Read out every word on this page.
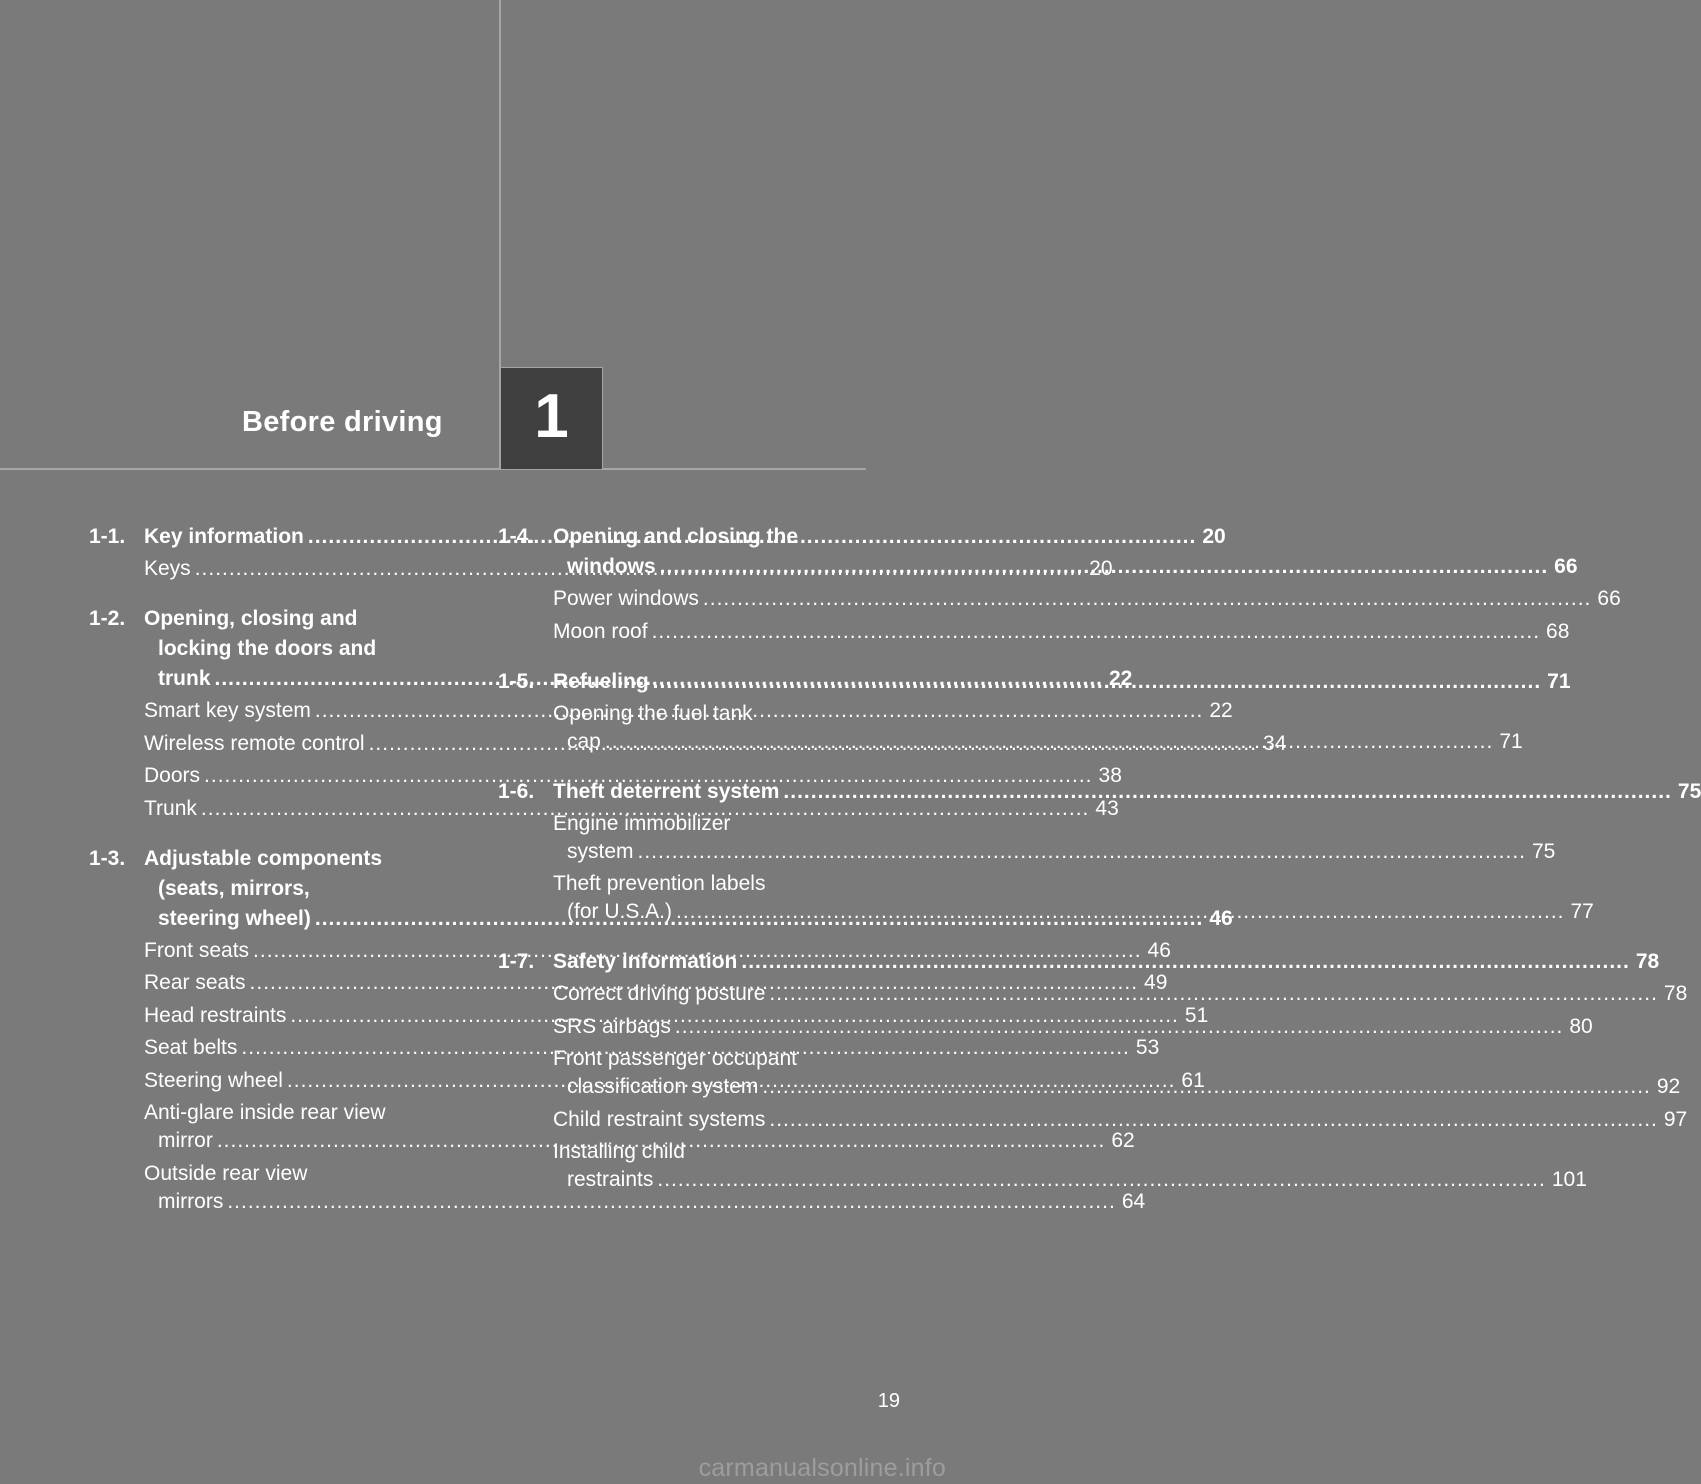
Before driving	1
1-1. Key information .....	20
Keys .....	20
1-2. Opening, closing and
locking the doors and
trunk .....	22
Smart key system .....	22
Wireless remote control .....	34
Doors .....	38
Trunk .....	43
1-3. Adjustable components
(seats, mirrors,
steering wheel) .....	46
Front seats .....	46
Rear seats .....	49
Head restraints .....	51
Seat belts .....	53
Steering wheel .....	61
Anti-glare inside rear view
mirror .....	62
Outside rear view
mirrors .....	64
1-4. Opening and closing the
windows .....	66
Power windows .....	66
Moon roof .....	68
1-5. Refueling .....	71
Opening the fuel tank
cap .....	71
1-6. Theft deterrent system .....	75
Engine immobilizer
system .....	75
Theft prevention labels
(for U.S.A.) .....	77
1-7. Safety information .....	78
Correct driving posture .....	78
SRS airbags .....	80
Front passenger occupant
classification system .....	92
Child restraint systems .....	97
Installing child
restraints .....	101
19
carmanualsonline.info
